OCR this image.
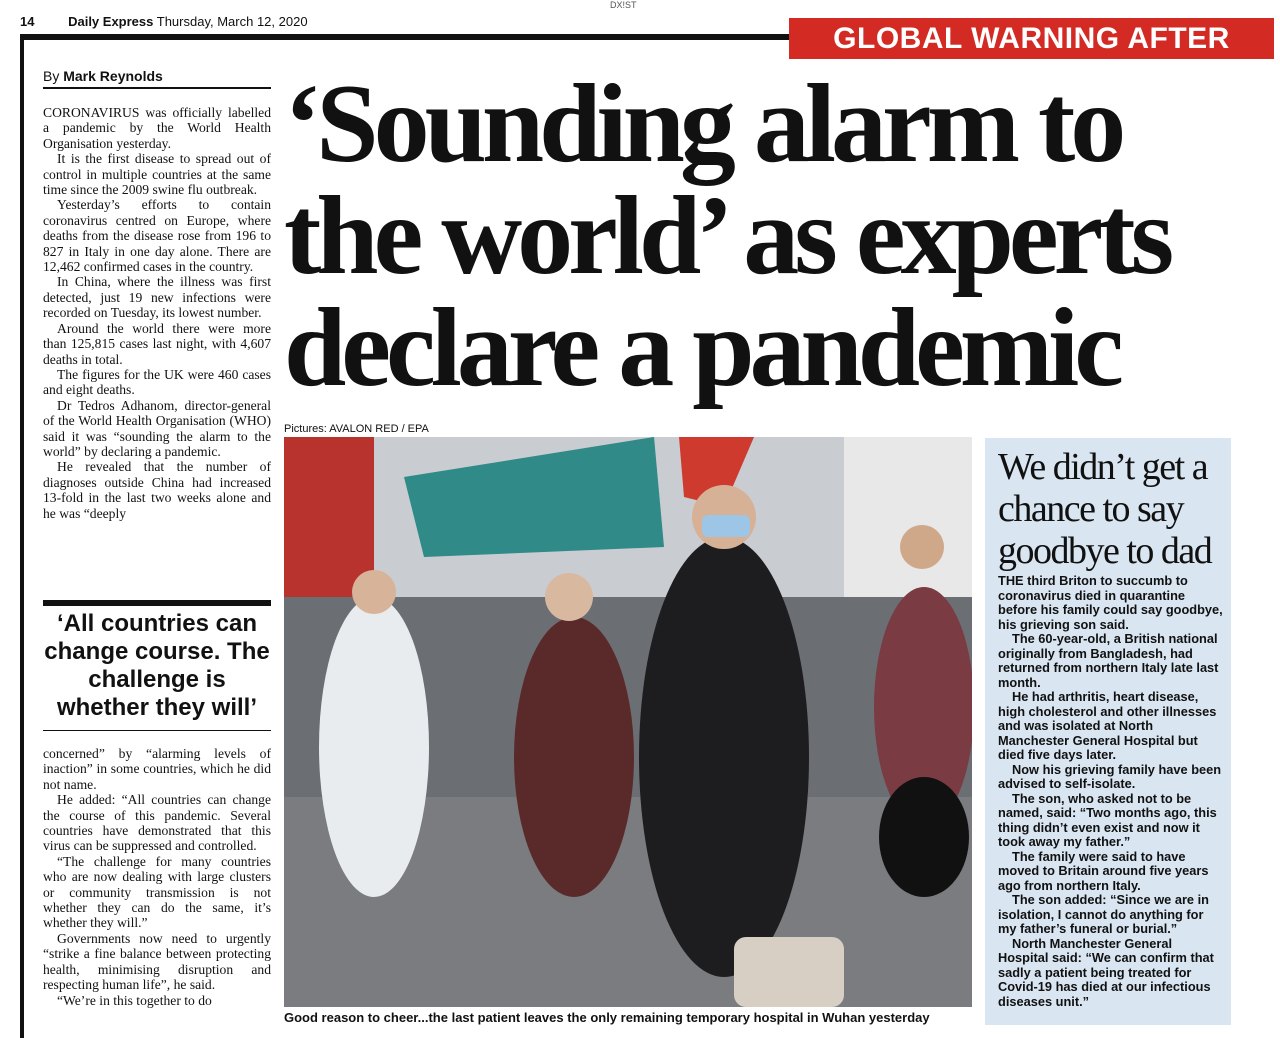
DX!ST
14	Daily Express Thursday, March 12, 2020
GLOBAL WARNING AFTER
By Mark Reynolds

CORONAVIRUS was officially labelled a pandemic by the World Health Organisation yesterday.

It is the first disease to spread out of control in multiple countries at the same time since the 2009 swine flu outbreak.

Yesterday’s efforts to contain coronavirus centred on Europe, where deaths from the disease rose from 196 to 827 in Italy in one day alone. There are 12,462 confirmed cases in the country.

In China, where the illness was first detected, just 19 new infections were recorded on Tuesday, its lowest number.

Around the world there were more than 125,815 cases last night, with 4,607 deaths in total.

The figures for the UK were 460 cases and eight deaths.

Dr Tedros Adhanom, director-general of the World Health Organisation (WHO) said it was “sounding the alarm to the world” by declaring a pandemic.

He revealed that the number of diagnoses outside China had increased 13-fold in the last two weeks alone and he was “deeply

‘All countries can change course. The challenge is whether they will’

concerned” by “alarming levels of inaction” in some countries, which he did not name.

He added: “All countries can change the course of this pandemic. Several countries have demonstrated that this virus can be suppressed and controlled.

“The challenge for many countries who are now dealing with large clusters or community transmission is not whether they can do the same, it’s whether they will.”

Governments now need to urgently “strike a fine balance between protecting health, minimising disruption and respecting human life”, he said.

“We’re in this together to do

‘Sounding alarm to
the world’ as experts
declare a pandemic
Pictures: AVALON RED / EPA
Good reason to cheer...the last patient leaves the only remaining temporary hospital in Wuhan yesterday
We didn’t get a chance to say goodbye to dad

THE third Briton to succumb to coronavirus died in quarantine before his family could say goodbye, his grieving son said.

The 60-year-old, a British national originally from Bangladesh, had returned from northern Italy late last month.

He had arthritis, heart disease, high cholesterol and other illnesses and was isolated at North Manchester General Hospital but died five days later.

Now his grieving family have been advised to self-isolate.

The son, who asked not to be named, said: “Two months ago, this thing didn’t even exist and now it took away my father.”

The family were said to have moved to Britain around five years ago from northern Italy.

The son added: “Since we are in isolation, I cannot do anything for my father’s funeral or burial.”

North Manchester General Hospital said: “We can confirm that sadly a patient being treated for Covid-19 has died at our infectious diseases unit.”
